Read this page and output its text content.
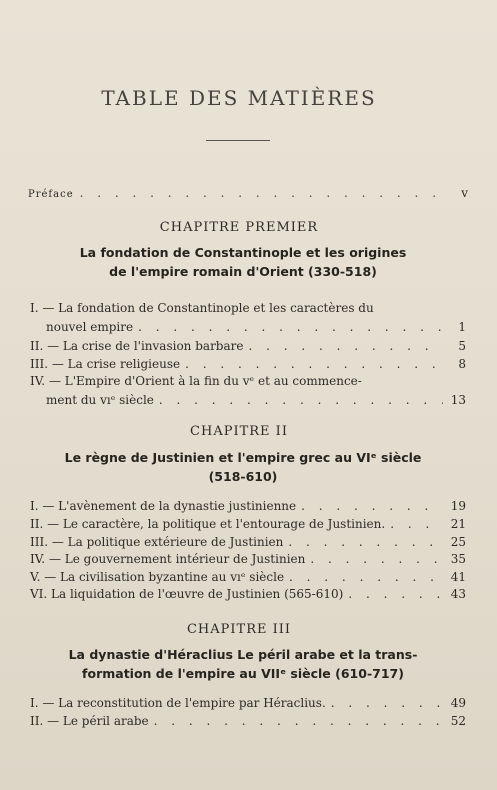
TABLE DES MATIÈRES
Préface . . .	v
CHAPITRE PREMIER
La fondation de Constantinople et les origines
de l'empire romain d'Orient (330-518)
I. — La fondation de Constantinople et les caractères du
nouvel empire . . .	1
II. — La crise de l'invasion barbare . . .	5
III. — La crise religieuse . . .	8
IV. — L'Empire d'Orient à la fin du vᵉ et au commence-
ment du vıᵉ siècle . . .	13
CHAPITRE II
Le règne de Justinien et l'empire grec au VIᵉ siècle
(518-610)
I. — L'avènement de la dynastie justinienne . . .	19
II. — Le caractère, la politique et l'entourage de Justinien. . . .	21
III. — La politique extérieure de Justinien . . .	25
IV. — Le gouvernement intérieur de Justinien . . .	35
V. — La civilisation byzantine au vıᵉ siècle . . .	41
VI. La liquidation de l'œuvre de Justinien (565-610) . . .	43
CHAPITRE III
La dynastie d'Héraclius Le péril arabe et la trans-
formation de l'empire au VIIᵉ siècle (610-717)
I. — La reconstitution de l'empire par Héraclius. . . .	49
II. — Le péril arabe . . .	52
